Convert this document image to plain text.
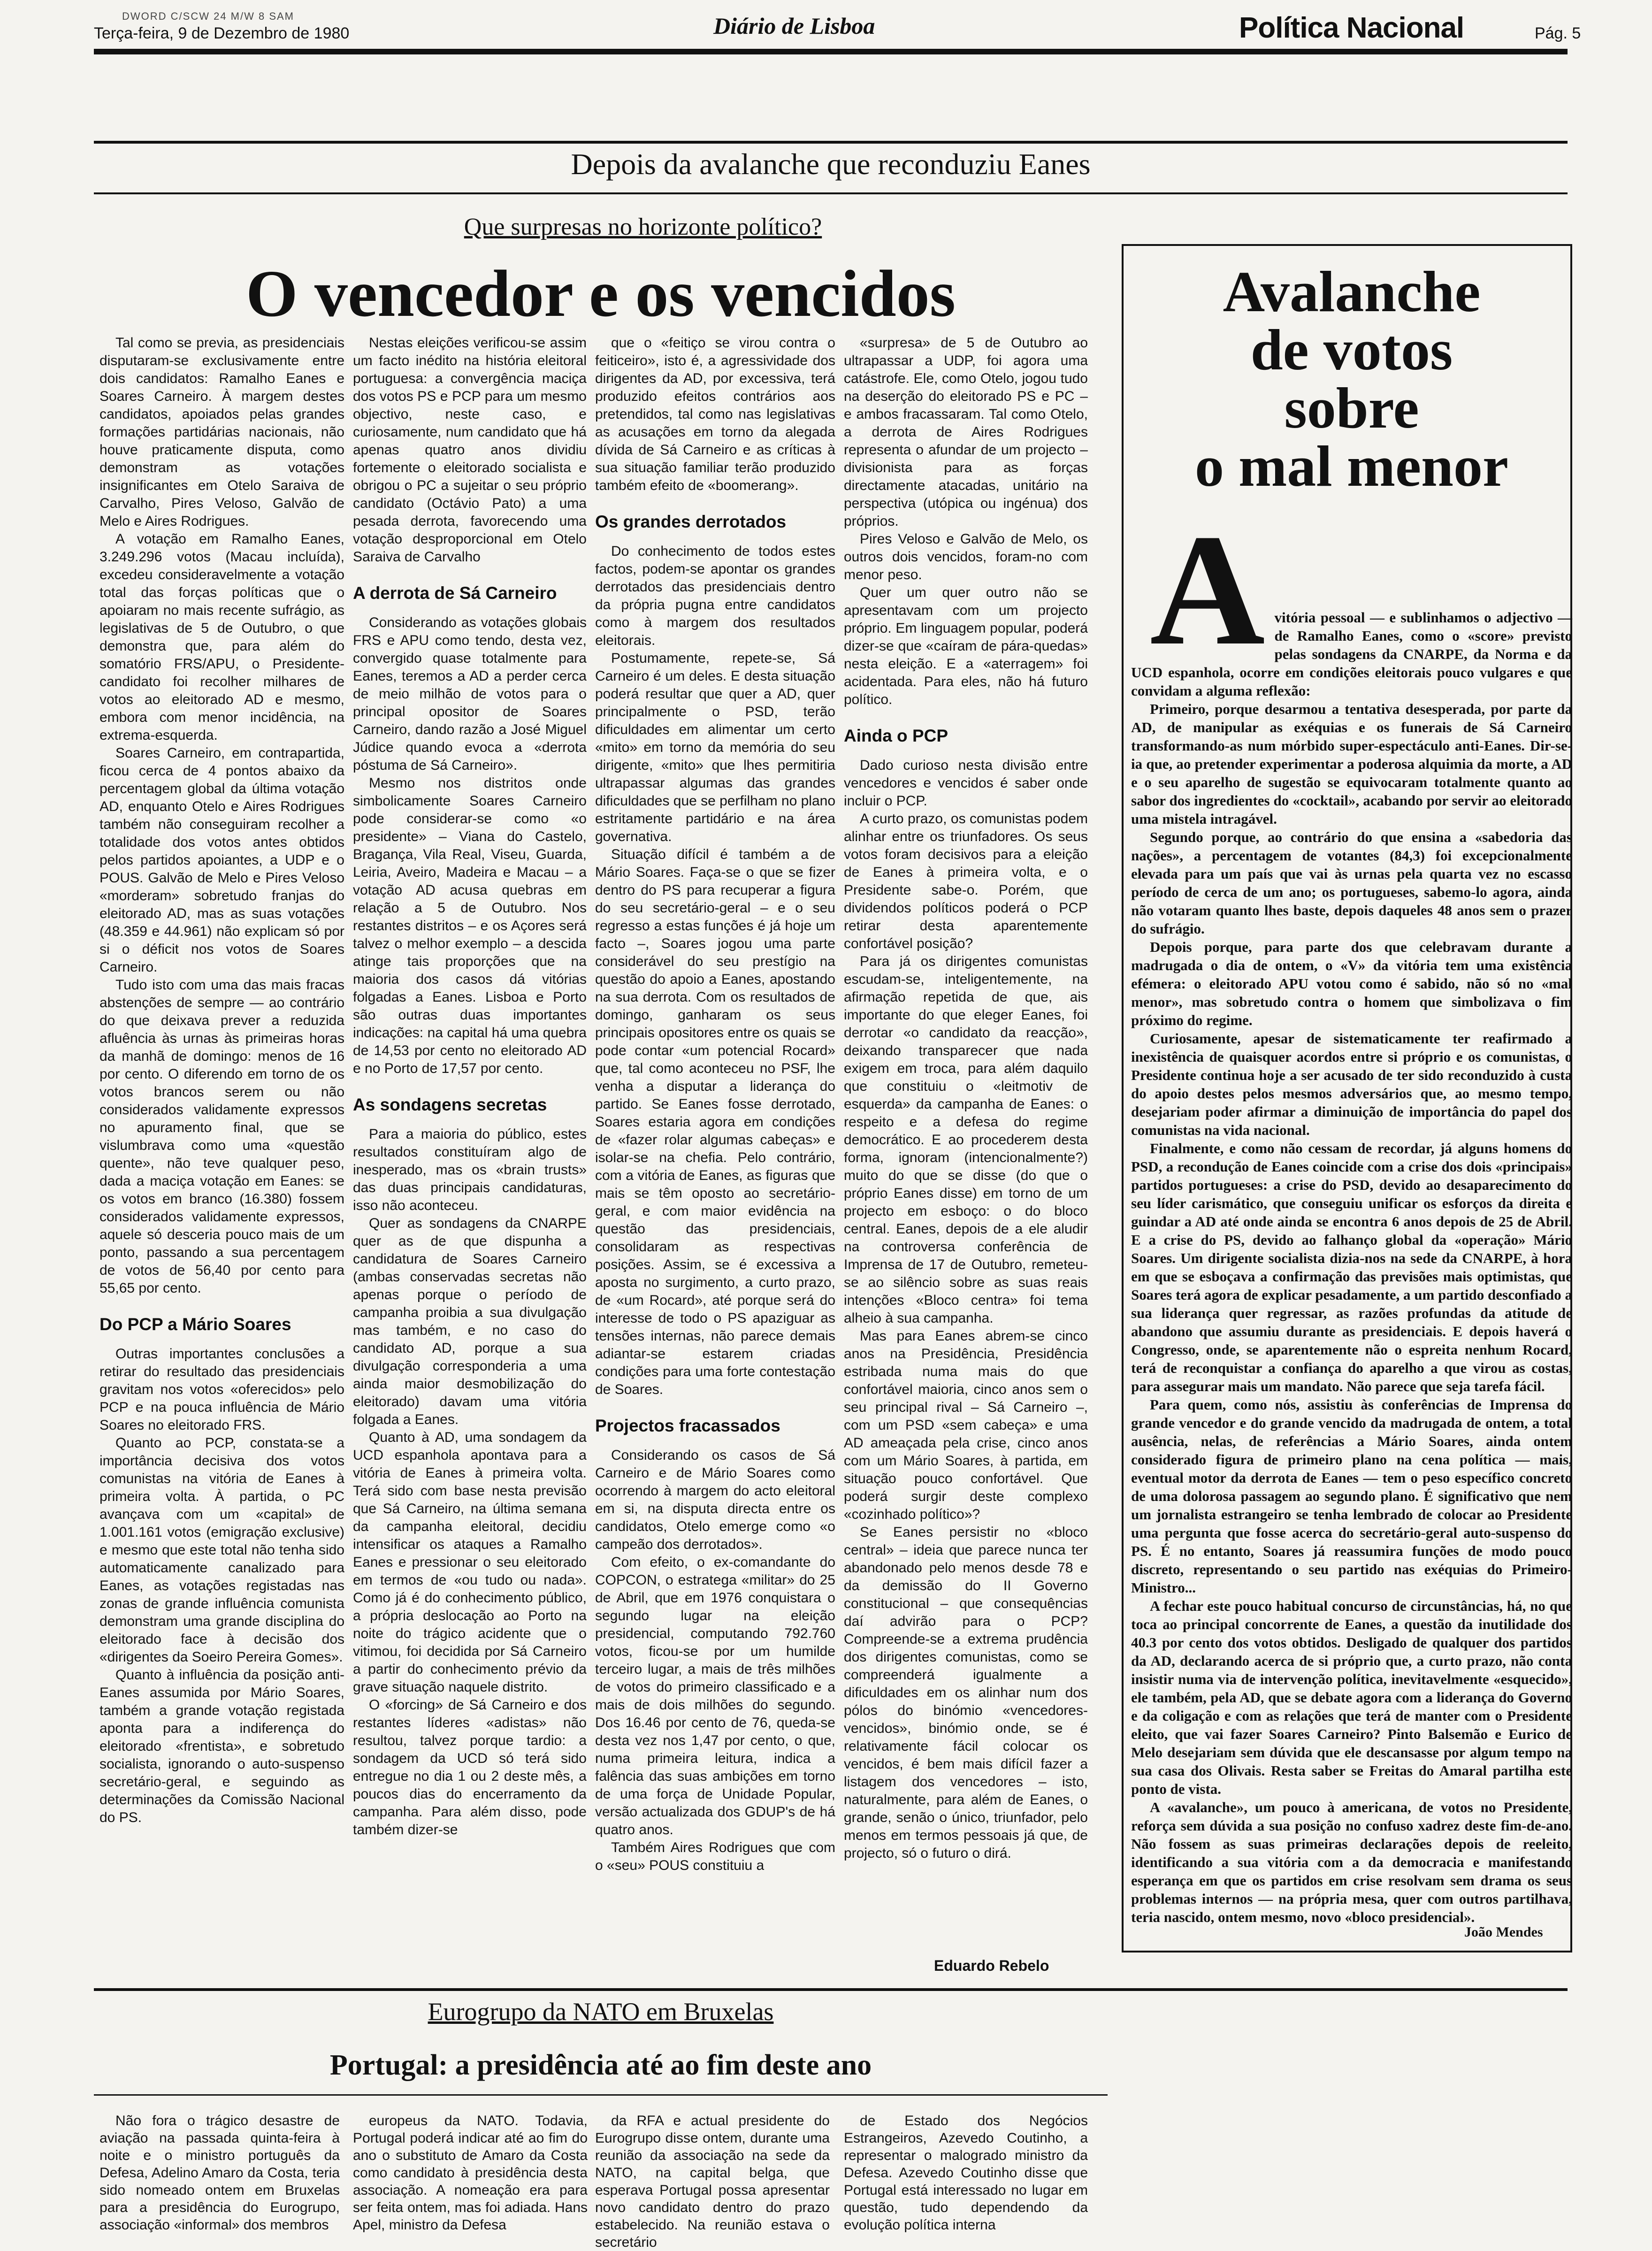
DWORD C/SCW 24 M/W 8 SAM
Terça-feira, 9 de Dezembro de 1980	Diário de Lisboa	Política Nacional	Pág. 5
Depois da avalanche que reconduziu Eanes
Que surpresas no horizonte político?
O vencedor e os vencidos

Tal como se previa, as presidenciais disputaram-se exclusivamente entre dois candidatos: Ramalho Eanes e Soares Carneiro. À margem destes candidatos, apoiados pelas grandes formações partidárias nacionais, não houve praticamente disputa, como demonstram as votações insignificantes em Otelo Saraiva de Carvalho, Pires Veloso, Galvão de Melo e Aires Rodrigues.

A votação em Ramalho Eanes, 3.249.296 votos (Macau incluída), excedeu consideravelmente a votação total das forças políticas que o apoiaram no mais recente sufrágio, as legislativas de 5 de Outubro, o que demonstra que, para além do somatório FRS/APU, o Presidente-candidato foi recolher milhares de votos ao eleitorado AD e mesmo, embora com menor incidência, na extrema-esquerda.

Soares Carneiro, em contrapartida, ficou cerca de 4 pontos abaixo da percentagem global da última votação AD, enquanto Otelo e Aires Rodrigues também não conseguiram recolher a totalidade dos votos antes obtidos pelos partidos apoiantes, a UDP e o POUS. Galvão de Melo e Pires Veloso «morderam» sobretudo franjas do eleitorado AD, mas as suas votações (48.359 e 44.961) não explicam só por si o déficit nos votos de Soares Carneiro.

Tudo isto com uma das mais fracas abstenções de sempre — ao contrário do que deixava prever a reduzida afluência às urnas às primeiras horas da manhã de domingo: menos de 16 por cento. O diferendo em torno de os votos brancos serem ou não considerados validamente expressos no apuramento final, que se vislumbrava como uma «questão quente», não teve qualquer peso, dada a maciça votação em Eanes: se os votos em branco (16.380) fossem considerados validamente expressos, aquele só desceria pouco mais de um ponto, passando a sua percentagem de votos de 56,40 por cento para 55,65 por cento.

Do PCP a Mário Soares

Outras importantes conclusões a retirar do resultado das presidenciais gravitam nos votos «oferecidos» pelo PCP e na pouca influência de Mário Soares no eleitorado FRS.

Quanto ao PCP, constata-se a importância decisiva dos votos comunistas na vitória de Eanes à primeira volta. À partida, o PC avançava com um «capital» de 1.001.161 votos (emigração exclusive) e mesmo que este total não tenha sido automaticamente canalizado para Eanes, as votações registadas nas zonas de grande influência comunista demonstram uma grande disciplina do eleitorado face à decisão dos «dirigentes da Soeiro Pereira Gomes».

Quanto à influência da posição anti-Eanes assumida por Mário Soares, também a grande votação registada aponta para a indiferença do eleitorado «frentista», e sobretudo socialista, ignorando o auto-suspenso secretário-geral, e seguindo as determinações da Comissão Nacional do PS.

Nestas eleições verificou-se assim um facto inédito na história eleitoral portuguesa: a convergência maciça dos votos PS e PCP para um mesmo objectivo, neste caso, e curiosamente, num candidato que há apenas quatro anos dividiu fortemente o eleitorado socialista e obrigou o PC a sujeitar o seu próprio candidato (Octávio Pato) a uma pesada derrota, favorecendo uma votação desproporcional em Otelo Saraiva de Carvalho

A derrota de Sá Carneiro

Considerando as votações globais FRS e APU como tendo, desta vez, convergido quase totalmente para Eanes, teremos a AD a perder cerca de meio milhão de votos para o principal opositor de Soares Carneiro, dando razão a José Miguel Júdice quando evoca a «derrota póstuma de Sá Carneiro».

Mesmo nos distritos onde simbolicamente Soares Carneiro pode considerar-se como «o presidente» – Viana do Castelo, Bragança, Vila Real, Viseu, Guarda, Leiria, Aveiro, Madeira e Macau – a votação AD acusa quebras em relação a 5 de Outubro. Nos restantes distritos – e os Açores será talvez o melhor exemplo – a descida atinge tais proporções que na maioria dos casos dá vitórias folgadas a Eanes. Lisboa e Porto são outras duas importantes indicações: na capital há uma quebra de 14,53 por cento no eleitorado AD e no Porto de 17,57 por cento.

As sondagens secretas

Para a maioria do público, estes resultados constituíram algo de inesperado, mas os «brain trusts» das duas principais candidaturas, isso não aconteceu.

Quer as sondagens da CNARPE quer as de que dispunha a candidatura de Soares Carneiro (ambas conservadas secretas não apenas porque o período de campanha proibia a sua divulgação mas também, e no caso do candidato AD, porque a sua divulgação corresponderia a uma ainda maior desmobilização do eleitorado) davam uma vitória folgada a Eanes.

Quanto à AD, uma sondagem da UCD espanhola apontava para a vitória de Eanes à primeira volta. Terá sido com base nesta previsão que Sá Carneiro, na última semana da campanha eleitoral, decidiu intensificar os ataques a Ramalho Eanes e pressionar o seu eleitorado em termos de «ou tudo ou nada». Como já é do conhecimento público, a própria deslocação ao Porto na noite do trágico acidente que o vitimou, foi decidida por Sá Carneiro a partir do conhecimento prévio da grave situação naquele distrito.

O «forcing» de Sá Carneiro e dos restantes líderes «adistas» não resultou, talvez porque tardio: a sondagem da UCD só terá sido entregue no dia 1 ou 2 deste mês, a poucos dias do encerramento da campanha. Para além disso, pode também dizer-se

que o «feitiço se virou contra o feiticeiro», isto é, a agressividade dos dirigentes da AD, por excessiva, terá produzido efeitos contrários aos pretendidos, tal como nas legislativas as acusações em torno da alegada dívida de Sá Carneiro e as críticas à sua situação familiar terão produzido também efeito de «boomerang».

Os grandes derrotados

Do conhecimento de todos estes factos, podem-se apontar os grandes derrotados das presidenciais dentro da própria pugna entre candidatos como à margem dos resultados eleitorais.

Postumamente, repete-se, Sá Carneiro é um deles. E desta situação poderá resultar que quer a AD, quer principalmente o PSD, terão dificuldades em alimentar um certo «mito» em torno da memória do seu dirigente, «mito» que lhes permitiria ultrapassar algumas das grandes dificuldades que se perfilham no plano estritamente partidário e na área governativa.

Situação difícil é também a de Mário Soares. Faça-se o que se fizer dentro do PS para recuperar a figura do seu secretário-geral – e o seu regresso a estas funções é já hoje um facto –, Soares jogou uma parte considerável do seu prestígio na questão do apoio a Eanes, apostando na sua derrota. Com os resultados de domingo, ganharam os seus principais opositores entre os quais se pode contar «um potencial Rocard» que, tal como aconteceu no PSF, lhe venha a disputar a liderança do partido. Se Eanes fosse derrotado, Soares estaria agora em condições de «fazer rolar algumas cabeças» e isolar-se na chefia. Pelo contrário, com a vitória de Eanes, as figuras que mais se têm oposto ao secretário-geral, e com maior evidência na questão das presidenciais, consolidaram as respectivas posições. Assim, se é excessiva a aposta no surgimento, a curto prazo, de «um Rocard», até porque será do interesse de todo o PS apaziguar as tensões internas, não parece demais adiantar-se estarem criadas condições para uma forte contestação de Soares.

Projectos fracassados

Considerando os casos de Sá Carneiro e de Mário Soares como ocorrendo à margem do acto eleitoral em si, na disputa directa entre os candidatos, Otelo emerge como «o campeão dos derrotados».

Com efeito, o ex-comandante do COPCON, o estratega «militar» do 25 de Abril, que em 1976 conquistara o segundo lugar na eleição presidencial, computando 792.760 votos, ficou-se por um humilde terceiro lugar, a mais de três milhões de votos do primeiro classificado e a mais de dois milhões do segundo. Dos 16.46 por cento de 76, queda-se desta vez nos 1,47 por cento, o que, numa primeira leitura, indica a falência das suas ambições em torno de uma força de Unidade Popular, versão actualizada dos GDUP's de há quatro anos.

Também Aires Rodrigues que com o «seu» POUS constituiu a

«surpresa» de 5 de Outubro ao ultrapassar a UDP, foi agora uma catástrofe. Ele, como Otelo, jogou tudo na deserção do eleitorado PS e PC – e ambos fracassaram. Tal como Otelo, a derrota de Aires Rodrigues representa o afundar de um projecto – divisionista para as forças directamente atacadas, unitário na perspectiva (utópica ou ingénua) dos próprios.

Pires Veloso e Galvão de Melo, os outros dois vencidos, foram-no com menor peso.

Quer um quer outro não se apresentavam com um projecto próprio. Em linguagem popular, poderá dizer-se que «caíram de pára-quedas» nesta eleição. E a «aterragem» foi acidentada. Para eles, não há futuro político.

Ainda o PCP

Dado curioso nesta divisão entre vencedores e vencidos é saber onde incluir o PCP.

A curto prazo, os comunistas podem alinhar entre os triunfadores. Os seus votos foram decisivos para a eleição de Eanes à primeira volta, e o Presidente sabe-o. Porém, que dividendos políticos poderá o PCP retirar desta aparentemente confortável posição?

Para já os dirigentes comunistas escudam-se, inteligentemente, na afirmação repetida de que, ais importante do que eleger Eanes, foi derrotar «o candidato da reacção», deixando transparecer que nada exigem em troca, para além daquilo que constituiu o «leitmotiv de esquerda» da campanha de Eanes: o respeito e a defesa do regime democrático. E ao procederem desta forma, ignoram (intencionalmente?) muito do que se disse (do que o próprio Eanes disse) em torno de um projecto em esboço: o do bloco central. Eanes, depois de a ele aludir na controversa conferência de Imprensa de 17 de Outubro, remeteu-se ao silêncio sobre as suas reais intenções «Bloco centra» foi tema alheio à sua campanha.

Mas para Eanes abrem-se cinco anos na Presidência, Presidência estribada numa mais do que confortável maioria, cinco anos sem o seu principal rival – Sá Carneiro –, com um PSD «sem cabeça» e uma AD ameaçada pela crise, cinco anos com um Mário Soares, à partida, em situação pouco confortável. Que poderá surgir deste complexo «cozinhado político»?

Se Eanes persistir no «bloco central» – ideia que parece nunca ter abandonado pelo menos desde 78 e da demissão do II Governo constitucional – que consequências daí advirão para o PCP? Compreende-se a extrema prudência dos dirigentes comunistas, como se compreenderá igualmente a dificuldades em os alinhar num dos pólos do binómio «vencedores-vencidos», binómio onde, se é relativamente fácil colocar os vencidos, é bem mais difícil fazer a listagem dos vencedores – isto, naturalmente, para além de Eanes, o grande, senão o único, triunfador, pelo menos em termos pessoais já que, de projecto, só o futuro o dirá.

Eduardo Rebelo
Avalanche
de votos
sobre
o mal menor
A vitória pessoal — e sublinhamos o adjectivo — de Ramalho Eanes, como o «score» previsto pelas sondagens da CNARPE, da Norma e da UCD espanhola, ocorre em condições eleitorais pouco vulgares e que convidam a alguma reflexão:

Primeiro, porque desarmou a tentativa desesperada, por parte da AD, de manipular as exéquias e os funerais de Sá Carneiro transformando-as num mórbido super-espectáculo anti-Eanes. Dir-se-ia que, ao pretender experimentar a poderosa alquimia da morte, a AD e o seu aparelho de sugestão se equivocaram totalmente quanto ao sabor dos ingredientes do «cocktail», acabando por servir ao eleitorado uma mistela intragável.

Segundo porque, ao contrário do que ensina a «sabedoria das nações», a percentagem de votantes (84,3) foi excepcionalmente elevada para um país que vai às urnas pela quarta vez no escasso período de cerca de um ano; os portugueses, sabemo-lo agora, ainda não votaram quanto lhes baste, depois daqueles 48 anos sem o prazer do sufrágio.

Depois porque, para parte dos que celebravam durante a madrugada o dia de ontem, o «V» da vitória tem uma existência efémera: o eleitorado APU votou como é sabido, não só no «mal menor», mas sobretudo contra o homem que simbolizava o fim próximo do regime.

Curiosamente, apesar de sistematicamente ter reafirmado a inexistência de quaisquer acordos entre si próprio e os comunistas, o Presidente continua hoje a ser acusado de ter sido reconduzido à custa do apoio destes pelos mesmos adversários que, ao mesmo tempo, desejariam poder afirmar a diminuição de importância do papel dos comunistas na vida nacional.

Finalmente, e como não cessam de recordar, já alguns homens do PSD, a recondução de Eanes coincide com a crise dos dois «principais» partidos portugueses: a crise do PSD, devido ao desaparecimento do seu líder carismático, que conseguiu unificar os esforços da direita e guindar a AD até onde ainda se encontra 6 anos depois de 25 de Abril. E a crise do PS, devido ao falhanço global da «operação» Mário Soares. Um dirigente socialista dizia-nos na sede da CNARPE, à hora em que se esboçava a confirmação das previsões mais optimistas, que Soares terá agora de explicar pesadamente, a um partido desconfiado a sua liderança quer regressar, as razões profundas da atitude de abandono que assumiu durante as presidenciais. E depois haverá o Congresso, onde, se aparentemente não o espreita nenhum Rocard, terá de reconquistar a confiança do aparelho a que virou as costas, para assegurar mais um mandato. Não parece que seja tarefa fácil.

Para quem, como nós, assistiu às conferências de Imprensa do grande vencedor e do grande vencido da madrugada de ontem, a total ausência, nelas, de referências a Mário Soares, ainda ontem considerado figura de primeiro plano na cena política — mais, eventual motor da derrota de Eanes — tem o peso específico concreto de uma dolorosa passagem ao segundo plano. É significativo que nem um jornalista estrangeiro se tenha lembrado de colocar ao Presidente uma pergunta que fosse acerca do secretário-geral auto-suspenso do PS. É no entanto, Soares já reassumira funções de modo pouco discreto, representando o seu partido nas exéquias do Primeiro-Ministro...

A fechar este pouco habitual concurso de circunstâncias, há, no que toca ao principal concorrente de Eanes, a questão da inutilidade dos 40.3 por cento dos votos obtidos. Desligado de qualquer dos partidos da AD, declarando acerca de si próprio que, a curto prazo, não conta insistir numa via de intervenção política, inevitavelmente «esquecido», ele também, pela AD, que se debate agora com a liderança do Governo e da coligação e com as relações que terá de manter com o Presidente eleito, que vai fazer Soares Carneiro? Pinto Balsemão e Eurico de Melo desejariam sem dúvida que ele descansasse por algum tempo na sua casa dos Olivais. Resta saber se Freitas do Amaral partilha este ponto de vista.

A «avalanche», um pouco à americana, de votos no Presidente, reforça sem dúvida a sua posição no confuso xadrez deste fim-de-ano. Não fossem as suas primeiras declarações depois de reeleito, identificando a sua vitória com a da democracia e manifestando esperança em que os partidos em crise resolvam sem drama os seus problemas internos — na própria mesa, quer com outros partilhava, teria nascido, ontem mesmo, novo «bloco presidencial».

João Mendes
Eurogrupo da NATO em Bruxelas
Portugal: a presidência até ao fim deste ano

Não fora o trágico desastre de aviação na passada quinta-feira à noite e o ministro português da Defesa, Adelino Amaro da Costa, teria sido nomeado ontem em Bruxelas para a presidência do Eurogrupo, associação «informal» dos membros

europeus da NATO. Todavia, Portugal poderá indicar até ao fim do ano o substituto de Amaro da Costa como candidato à presidência desta associação. A nomeação era para ser feita ontem, mas foi adiada. Hans Apel, ministro da Defesa

da RFA e actual presidente do Eurogrupo disse ontem, durante uma reunião da associação na sede da NATO, na capital belga, que esperava Portugal possa apresentar novo candidato dentro do prazo estabelecido. Na reunião estava o secretário

de Estado dos Negócios Estrangeiros, Azevedo Coutinho, a representar o malogrado ministro da Defesa. Azevedo Coutinho disse que Portugal está interessado no lugar em questão, tudo dependendo da evolução política interna
